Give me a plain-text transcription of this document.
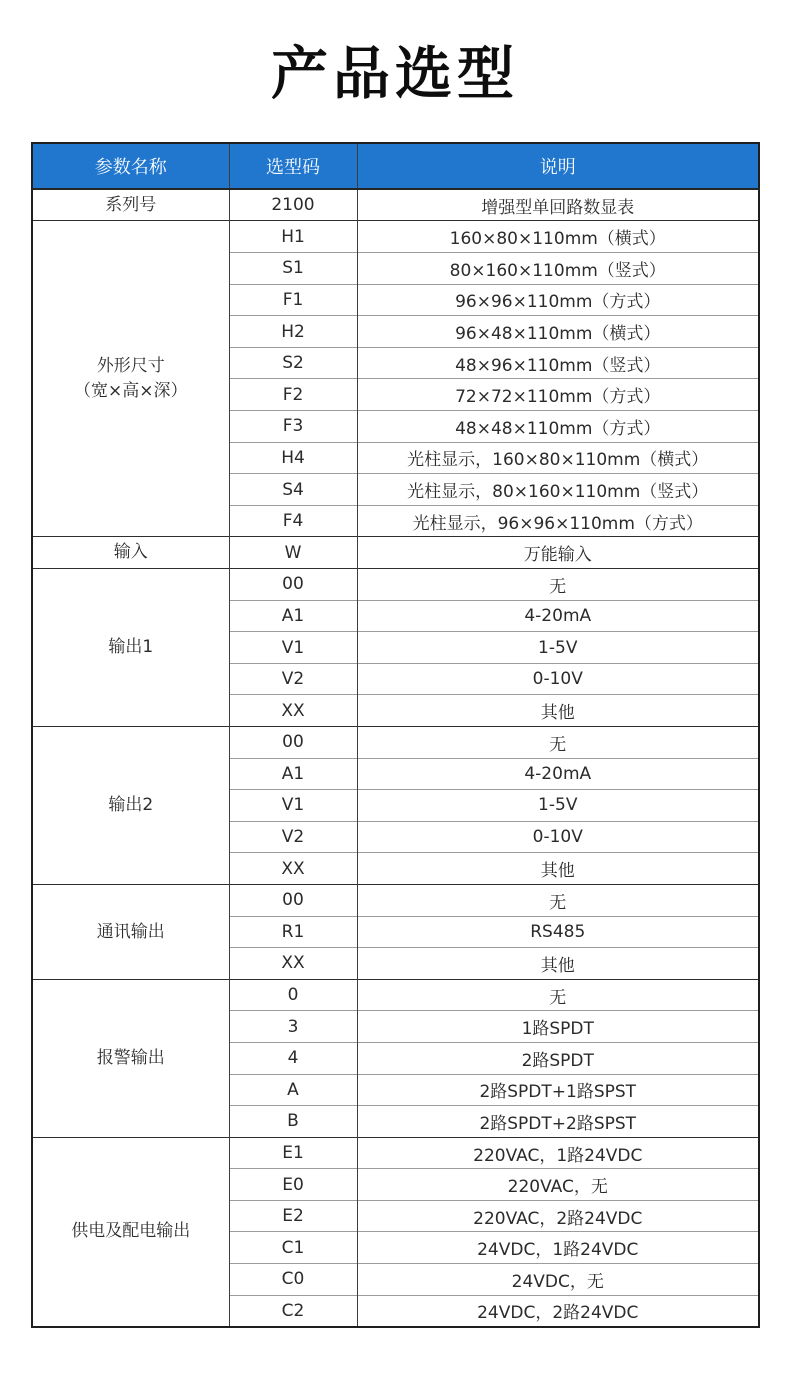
产品选型
参数名称	选型码	说明

系列号	2100	增强型单回路数显表

外形尺寸
（宽×高×深）	H1	160×80×110mm（横式）
	S1	80×160×110mm（竖式）
	F1	96×96×110mm（方式）
	H2	96×48×110mm（横式）
	S2	48×96×110mm（竖式）
	F2	72×72×110mm（方式）
	F3	48×48×110mm（方式）
	H4	光柱显示，160×80×110mm（横式）
	S4	光柱显示，80×160×110mm（竖式）
	F4	光柱显示，96×96×110mm（方式）

输入	W	万能输入

输出1	00	无
	A1	4-20mA
	V1	1-5V
	V2	0-10V
	XX	其他

输出2	00	无
	A1	4-20mA
	V1	1-5V
	V2	0-10V
	XX	其他

通讯输出	00	无
	R1	RS485
	XX	其他

报警输出	0	无
	3	1路SPDT
	4	2路SPDT
	A	2路SPDT+1路SPST
	B	2路SPDT+2路SPST

供电及配电输出	E1	220VAC，1路24VDC
	E0	220VAC，无
	E2	220VAC，2路24VDC
	C1	24VDC，1路24VDC
	C0	24VDC，无
	C2	24VDC，2路24VDC
